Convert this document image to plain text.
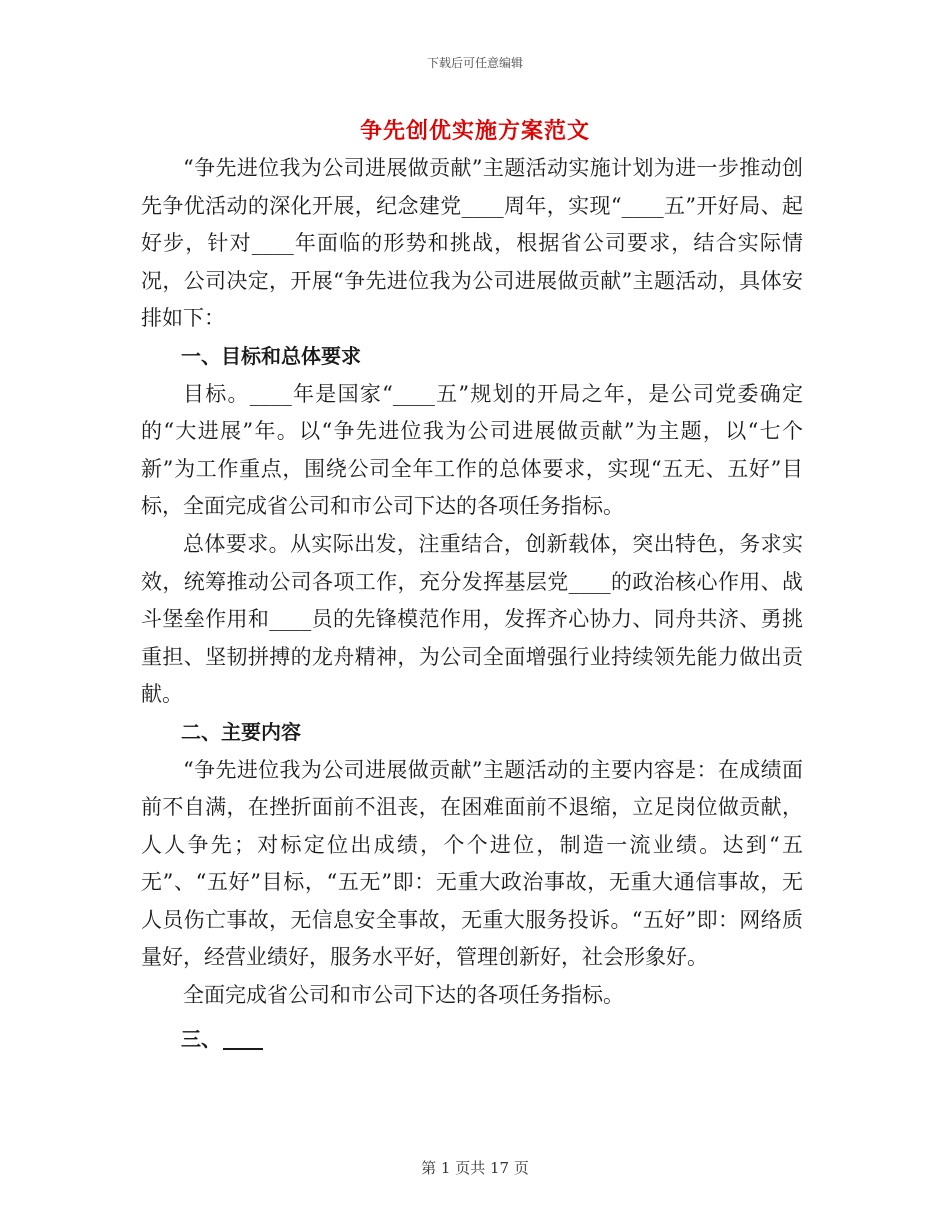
下载后可任意编辑
争先创优实施方案范文

“争先进位我为公司进展做贡献”主题活动实施计划为进一步推动创先争优活动的深化开展，纪念建党____周年，实现“____五”开好局、起好步，针对____年面临的形势和挑战，根据省公司要求，结合实际情况，公司决定，开展“争先进位我为公司进展做贡献”主题活动，具体安排如下：

一、目标和总体要求

目标。____年是国家“____五”规划的开局之年，是公司党委确定的“大进展”年。以“争先进位我为公司进展做贡献”为主题，以“七个新”为工作重点，围绕公司全年工作的总体要求，实现“五无、五好”目标，全面完成省公司和市公司下达的各项任务指标。

总体要求。从实际出发，注重结合，创新载体，突出特色，务求实效，统筹推动公司各项工作，充分发挥基层党____的政治核心作用、战斗堡垒作用和____员的先锋模范作用，发挥齐心协力、同舟共济、勇挑重担、坚韧拼搏的龙舟精神，为公司全面增强行业持续领先能力做出贡献。

二、主要内容

“争先进位我为公司进展做贡献”主题活动的主要内容是：在成绩面前不自满，在挫折面前不沮丧，在困难面前不退缩，立足岗位做贡献，人人争先；对标定位出成绩，个个进位，制造一流业绩。达到“五无”、“五好”目标，“五无”即：无重大政治事故，无重大通信事故，无人员伤亡事故，无信息安全事故，无重大服务投诉。“五好”即：网络质量好，经营业绩好，服务水平好，管理创新好，社会形象好。

全面完成省公司和市公司下达的各项任务指标。

三、

第 1 页共 17 页
